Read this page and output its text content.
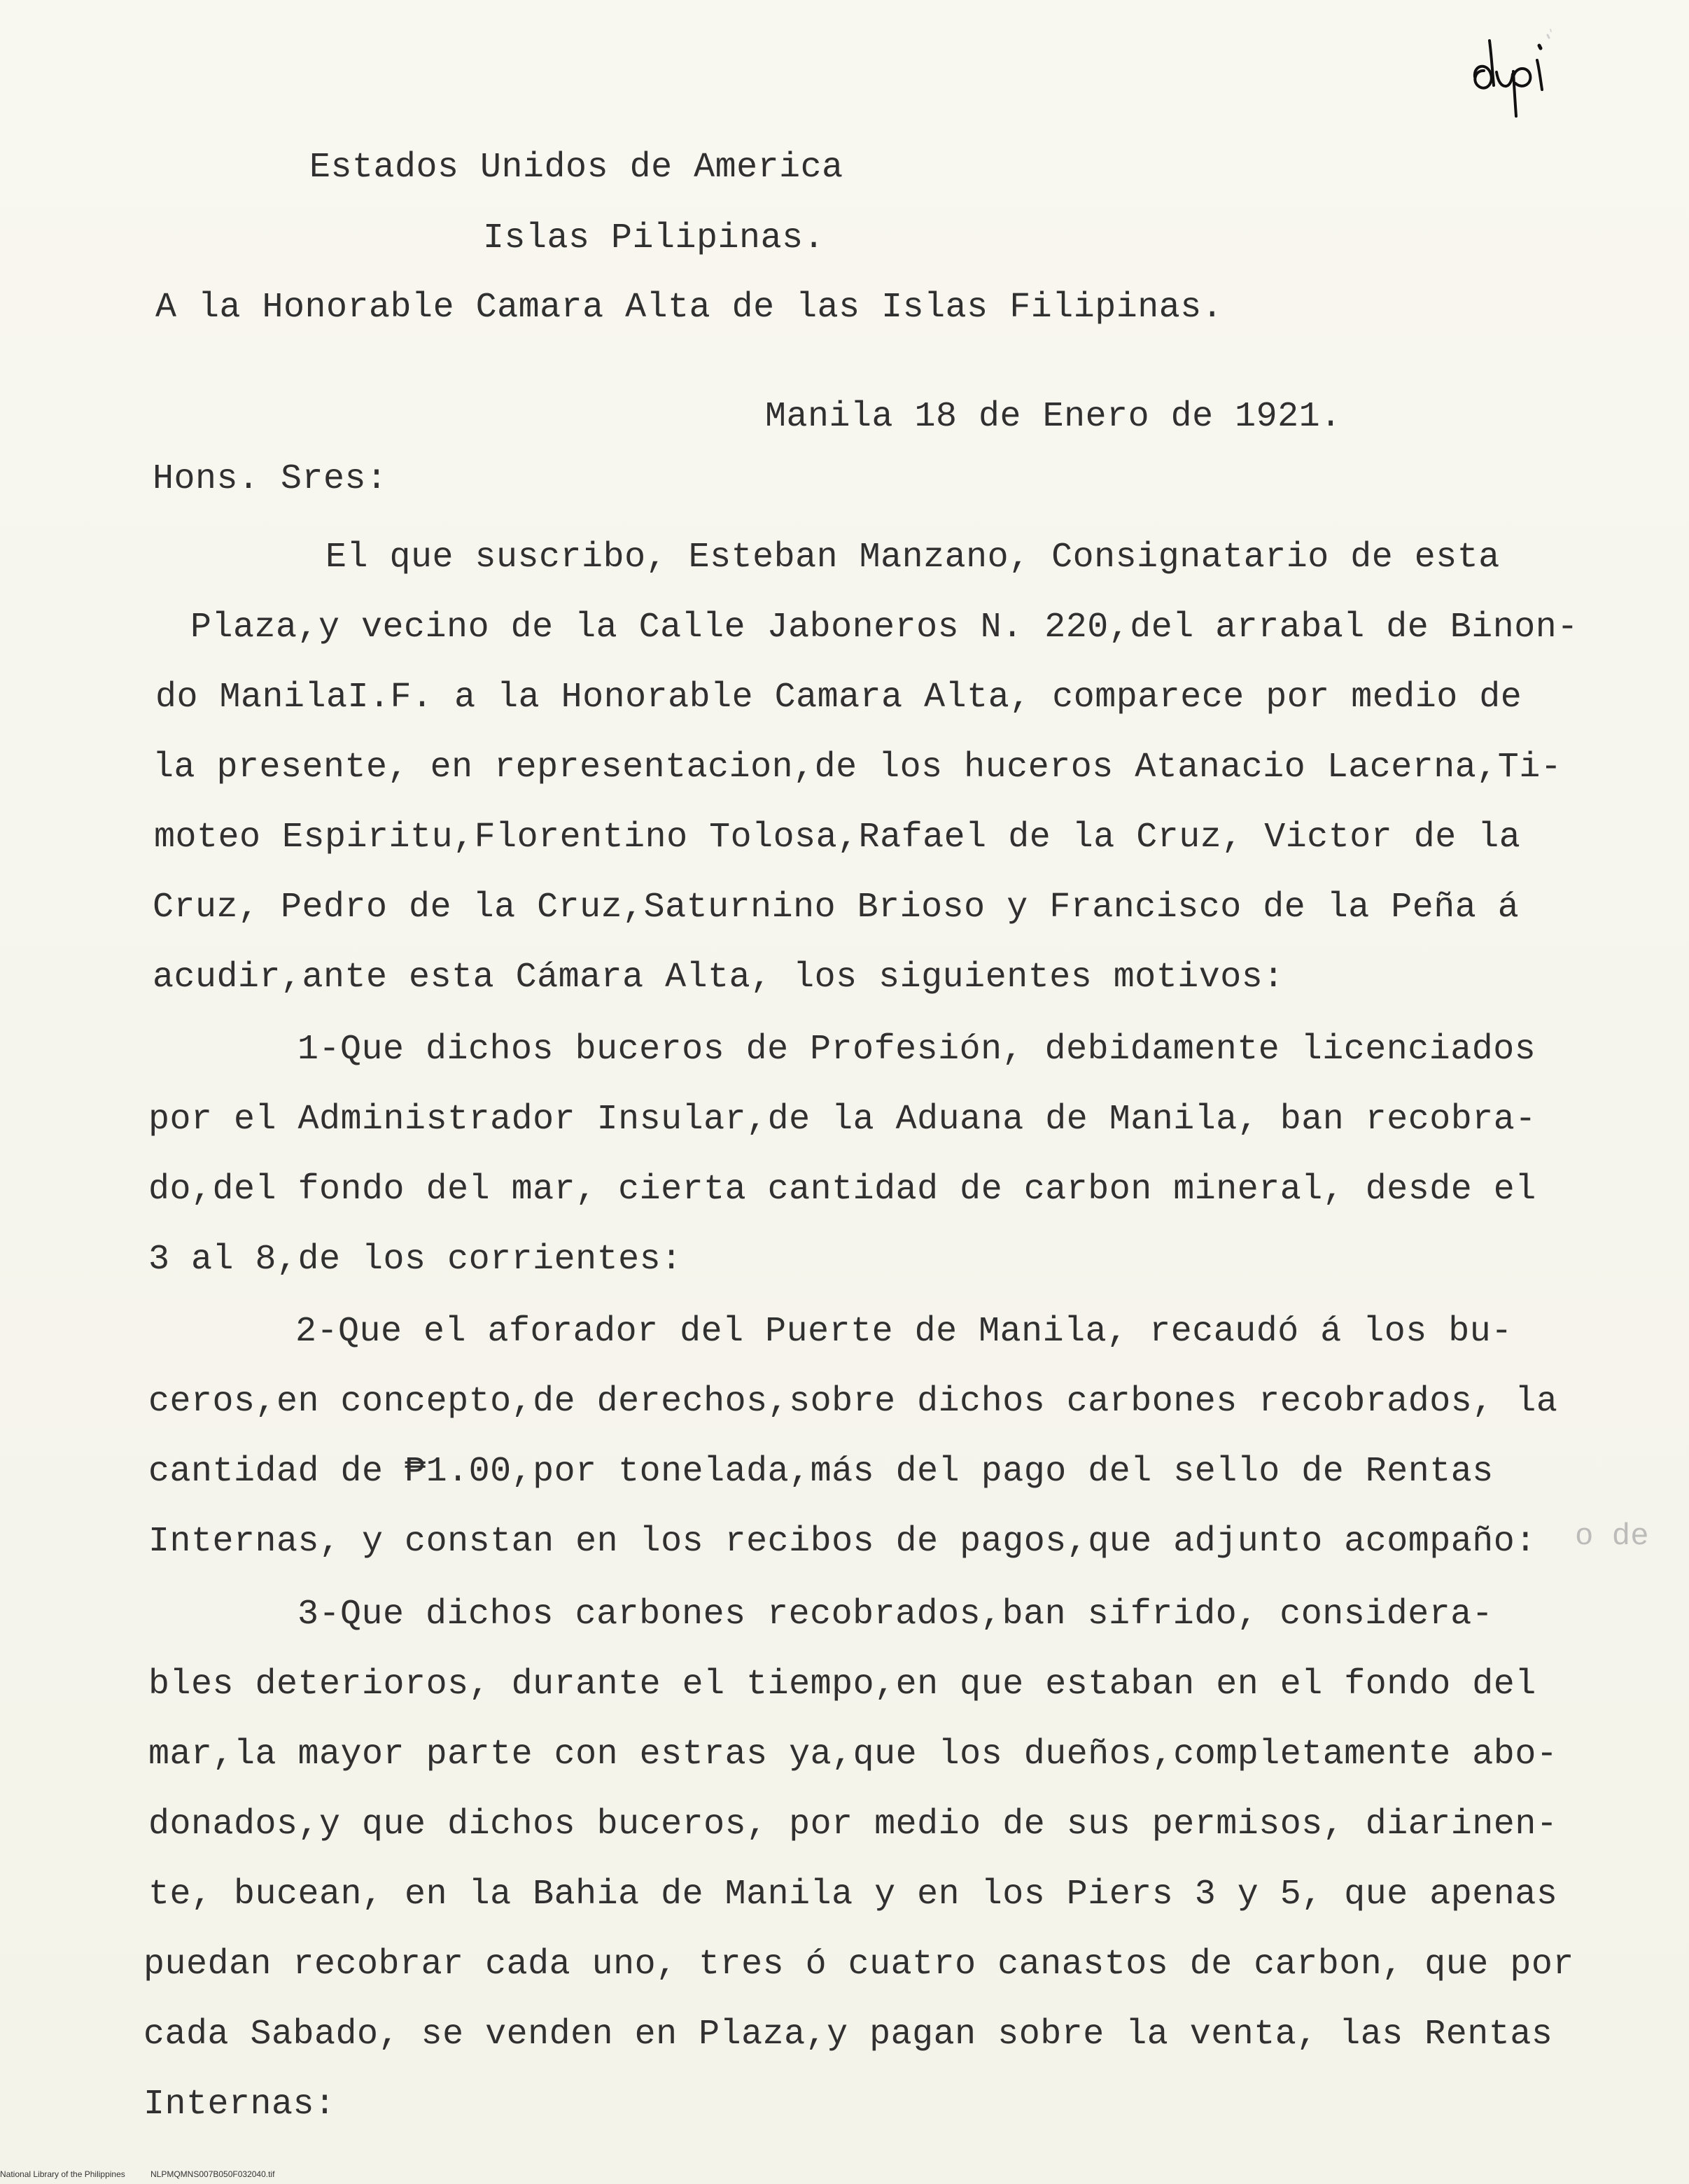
Estados Unidos de America
Islas Pilipinas.
A la Honorable Camara Alta de las Islas Filipinas.
Manila 18 de Enero de 1921.
Hons. Sres:
El que suscribo, Esteban Manzano, Consignatario de esta
Plaza,y vecino de la Calle Jaboneros N. 220,del arrabal de Binon-
do ManilaI.F. a la Honorable Camara Alta, comparece por medio de
la presente, en representacion,de los huceros Atanacio Lacerna,Ti-
moteo Espiritu,Florentino Tolosa,Rafael de la Cruz, Victor de la
Cruz, Pedro de la Cruz,Saturnino Brioso y Francisco de la Peña á
acudir,ante esta Cámara Alta, los siguientes motivos:
1-Que dichos buceros de Profesión, debidamente licenciados
por el Administrador Insular,de la Aduana de Manila, ban recobra-
do,del fondo del mar, cierta cantidad de carbon mineral, desde el
3 al 8,de los corrientes:
2-Que el aforador del Puerte de Manila, recaudó á los bu-
ceros,en concepto,de derechos,sobre dichos carbones recobrados, la
cantidad de ₱1.00,por tonelada,más del pago del sello de Rentas
Internas, y constan en los recibos de pagos,que adjunto acompaño:
3-Que dichos carbones recobrados,ban sifrido, considera-
bles deterioros, durante el tiempo,en que estaban en el fondo del
mar,la mayor parte con estras ya,que los dueños,completamente abo-
donados,y que dichos buceros, por medio de sus permisos, diarinen-
te, bucean, en la Bahia de Manila y en los Piers 3 y 5, que apenas
puedan recobrar cada uno, tres ó cuatro canastos de carbon, que por
cada Sabado, se venden en Plaza,y pagan sobre la venta, las Rentas
Internas:
o de
National Library of the Philippines	NLPMQMNS007B050F032040.tif
